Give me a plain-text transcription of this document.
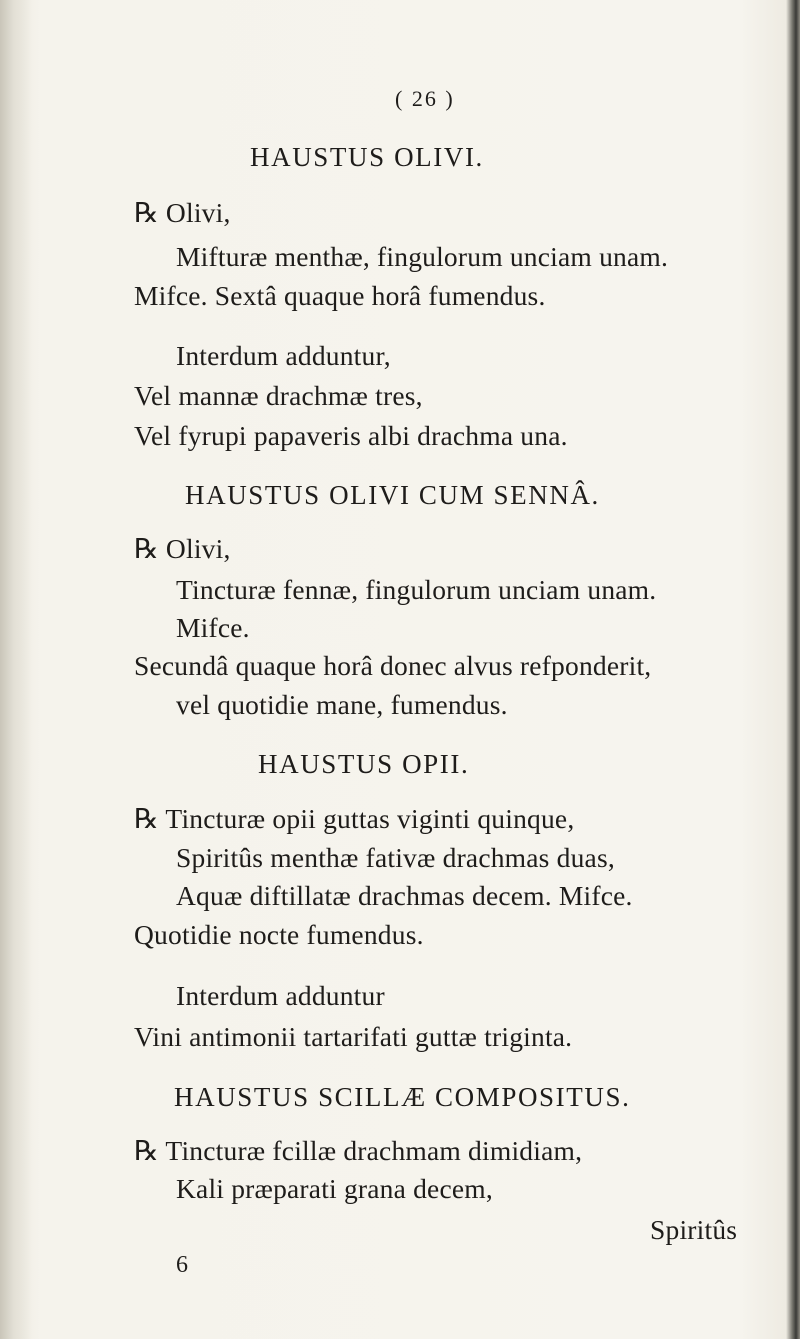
( 26 )
HAUSTUS OLIVI.
℞ Olivi,
Mifturæ menthæ, fingulorum unciam unam.
Mifce. Sextâ quaque horâ fumendus.
Interdum adduntur,
Vel mannæ drachmæ tres,
Vel fyrupi papaveris albi drachma una.
HAUSTUS OLIVI CUM SENNÂ.
℞ Olivi,
Tincturæ fennæ, fingulorum unciam unam.
Mifce.
Secundâ quaque horâ donec alvus refponderit,
vel quotidie mane, fumendus.
HAUSTUS OPII.
℞ Tincturæ opii guttas viginti quinque,
Spiritûs menthæ fativæ drachmas duas,
Aquæ diftillatæ drachmas decem. Mifce.
Quotidie nocte fumendus.
Interdum adduntur
Vini antimonii tartarifati guttæ triginta.
HAUSTUS SCILLÆ COMPOSITUS.
℞ Tincturæ fcillæ drachmam dimidiam,
Kali præparati grana decem,
Spiritûs
6
